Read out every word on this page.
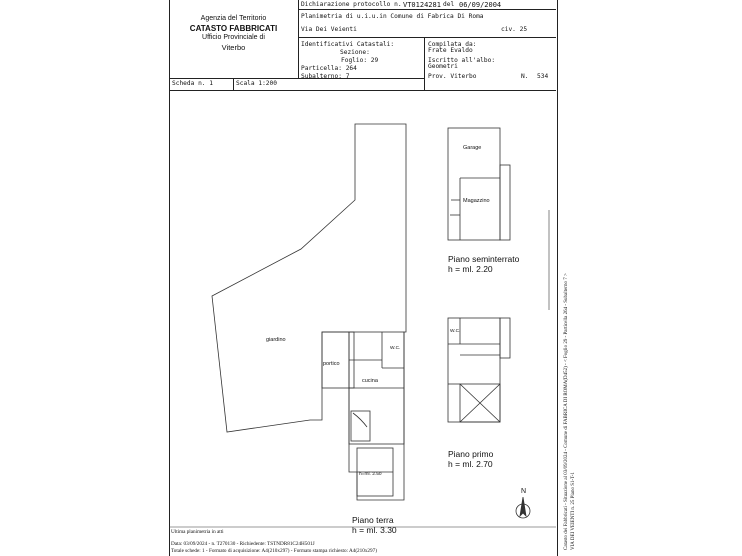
Agenzia del Territorio
CATASTO FABBRICATI
Ufficio Provinciale di
Viterbo
Dichiarazione protocollo n. VT0124281 del 06/09/2004
Planimetria di u.i.u.in Comune di Fabrica Di Roma
Via Dei Veienti	civ. 25
Identificativi Catastali:
Sezione:
Foglio: 29
Particella: 264
Subalterno: 7
Compilata da:
Frate Evaldo
Iscritto all'albo:
Geometri
Prov. Viterbo	N. 534
Scheda n. 1	Scala 1:200
Garage
Magazzino
W.C.
giardino
portico
W.C.
cucina
h=ml. 2.50
Piano seminterrato
h = ml. 2.20
Piano primo
h = ml. 2.70
Piano terra
h = ml. 3.30
N
Ultima planimetria in atti
Data: 03/09/2024 - n. T270130 - Richiedente: TSTNDR81C24H501J
Totale schede: 1 - Formato di acquisizione: A4(210x297) - Formato stampa richiesto: A4(210x297)
Catasto dei Fabbricati - Situazione al 03/09/2024 - Comune di FABRICA DI ROMA(D452) - < Foglio 29 - Particella 264 - Subalterno 7 > VIA DEI VEIENTI n. 25 Piano S1-T-1
